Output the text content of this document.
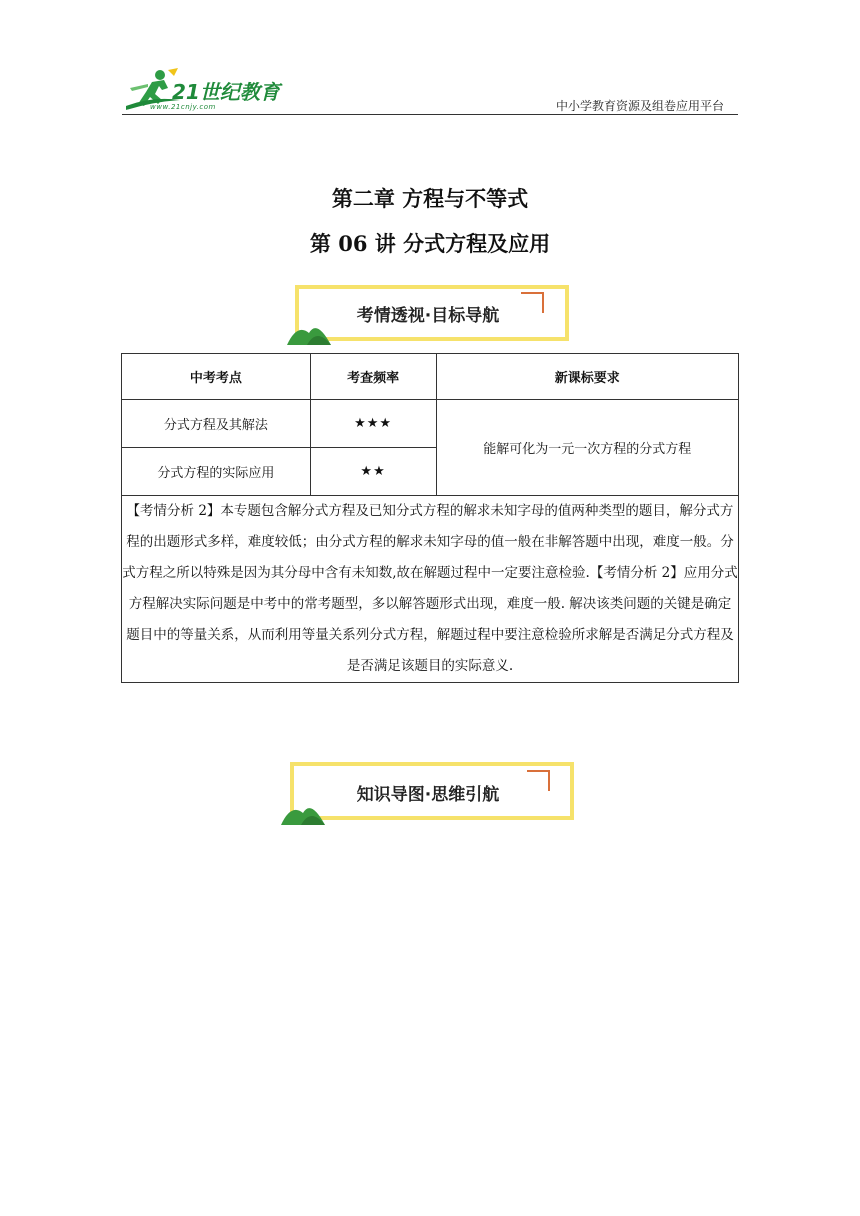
21世纪教育
www.21cnjy.com	中小学教育资源及组卷应用平台
第二章 方程与不等式
第 06 讲 分式方程及应用
考情透视·目标导航
中考考点	考查频率	新课标要求
分式方程及其解法	★★★	能解可化为一元一次方程的分式方程
分式方程的实际应用	★★	
【考情分析 2】本专题包含解分式方程及已知分式方程的解求未知字母的值两种类型的题目，解分式方程的出题形式多样，难度较低；由分式方程的解求未知字母的值一般在非解答题中出现，难度一般。分式方程之所以特殊是因为其分母中含有未知数,故在解题过程中一定要注意检验.【考情分析 2】应用分式方程解决实际问题是中考中的常考题型，多以解答题形式出现，难度一般. 解决该类问题的关键是确定题目中的等量关系，从而利用等量关系列分式方程，解题过程中要注意检验所求解是否满足分式方程及是否满足该题目的实际意义.		
知识导图·思维引航
